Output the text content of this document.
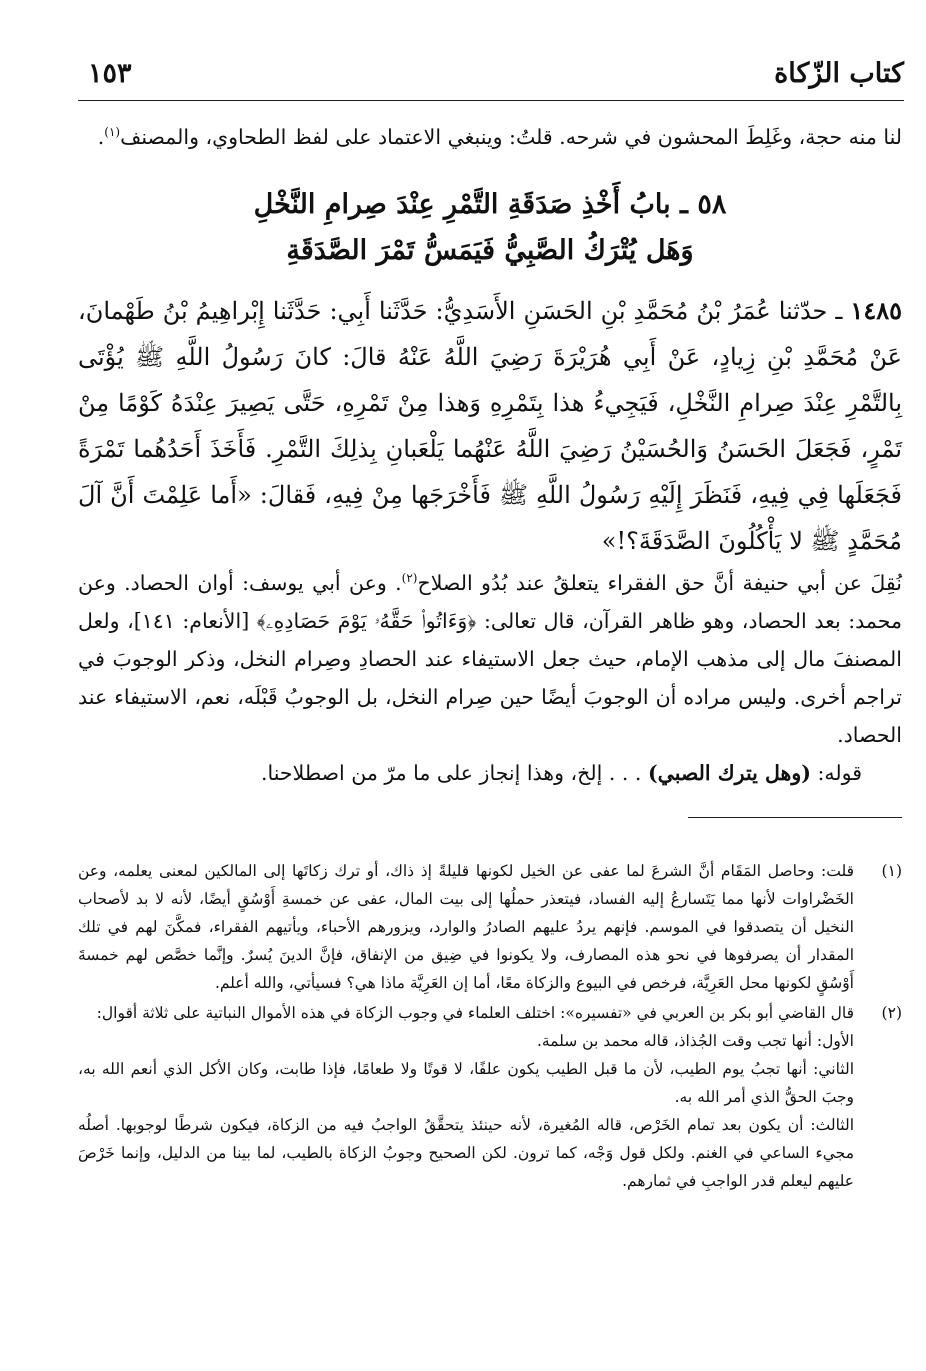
كتاب الزّكاة
١٥٣

لنا منه حجة، وغَلِطَ المحشون في شرحه. قلتُ: وينبغي الاعتماد على لفظ الطحاوي، والمصنف$^{(١)}$.

٥٨ ـ بابُ أَخْذِ صَدَقَةِ التَّمْرِ عِنْدَ صِرامِ النَّخْلِ
وَهَل يُتْرَكُ الصَّبِيُّ فَيَمَسُّ تَمْرَ الصَّدَقَةِ

١٤٨٥ ـ حدّثنا عُمَرُ بْنُ مُحَمَّدِ بْنِ الحَسَنِ الأَسَدِيُّ: حَدَّثَنا أَبِي: حَدَّثَنا إِبْراهِيمُ بْنُ طَهْمانَ، عَنْ مُحَمَّدِ بْنِ زِيادٍ، عَنْ أَبِي هُرَيْرَةَ رَضِيَ اللَّهُ عَنْهُ قالَ: كانَ رَسُولُ اللَّهِ ﷺ يُؤْتَى بِالتَّمْرِ عِنْدَ صِرامِ النَّخْلِ، فَيَجِيءُ هذا بِتَمْرِهِ وَهذا مِنْ تَمْرِهِ، حَتَّى يَصِيرَ عِنْدَهُ كَوْمًا مِنْ تَمْرٍ، فَجَعَلَ الحَسَنُ وَالحُسَيْنُ رَضِيَ اللَّهُ عَنْهُما يَلْعَبانِ بِذلِكَ التَّمْرِ. فَأَخَذَ أَحَدُهُما تَمْرَةً فَجَعَلَها فِي فِيهِ، فَنَظَرَ إِلَيْهِ رَسُولُ اللَّهِ ﷺ فَأَخْرَجَها مِنْ فِيهِ، فَقالَ: «أَما عَلِمْتَ أَنَّ آلَ مُحَمَّدٍ ﷺ لا يَأْكُلُونَ الصَّدَقَةَ؟!»

نُقِلَ عن أبي حنيفة أنَّ حق الفقراء يتعلقُ عند بُدُو الصلاح$^{(٢)}$. وعن أبي يوسف: أوان الحصاد. وعن محمد: بعد الحصاد، وهو ظاهر القرآن، قال تعالى: ﴿وَءَاتُوا۟ حَقَّهُۥ يَوْمَ حَصَادِهِۦ﴾ [الأنعام: ١٤١]، ولعل المصنفَ مال إلى مذهب الإمام، حيث جعل الاستيفاء عند الحصادِ وصِرام النخل، وذكر الوجوبَ في تراجم أخرى. وليس مراده أن الوجوبَ أيضًا حين صِرام النخل، بل الوجوبُ قَبْلَه، نعم، الاستيفاء عند الحصاد.

قوله: (وهل يترك الصبي) . . . إلخ، وهذا إنجاز على ما مرّ من اصطلاحنا.

(١)

قلت: وحاصل المَقَام أنَّ الشرعَ لما عفى عن الخيل لكونها قليلةً إذ ذاك، أو ترك زكاتَها إلى المالكين لمعنى يعلمه، وعن الخَضْراوات لأنها مما يَتَسارعُ إليه الفساد، فيتعذر حملُها إلى بيت المال، عفى عن خمسةِ أَوْسُقٍ أيضًا، لأنه لا بد لأصحاب النخيل أن يتصدقوا في الموسم. فإنهم يردُ عليهم الصادرُ والوارد، ويزورهم الأحباء، ويأتيهم الفقراء، فمكَّنَ لهم في تلك المقدار أن يصرفوها في نحو هذه المصارف، ولا يكونوا في ضِيق من الإنفاق، فإنَّ الدينَ يُسرٌ. وإنَّما خصَّص لهم خمسةَ أَوْسُقٍ لكونها محل العَرِيَّة، فرخص في البيوع والزكاة معًا، أما إن العَرِيَّة ماذا هي؟ فسيأتي، والله أعلم.

(٢)

قال القاضي أبو بكر بن العربي في «تفسيره»: اختلف العلماء في وجوب الزكاة في هذه الأموال النباتية على ثلاثة أقوال:

الأول: أنها تجب وقت الجُذاذ، قاله محمد بن سلمة.

الثاني: أنها تجبُ يوم الطيب، لأن ما قبل الطيب يكون علفًا، لا قوتًا ولا طعامًا، فإذا طابت، وكان الأكل الذي أنعم الله به، وجبَ الحقُّ الذي أمر الله به.

الثالث: أن يكون بعد تمام الخَرْص، قاله المُغيرة، لأنه حينئذ يتحقَّقُ الواجبُ فيه من الزكاة، فيكون شرطًا لوجوبها. أصلُه مجيء الساعي في الغنم. ولكل قول وَجْه، كما ترون. لكن الصحيح وجوبُ الزكاة بالطيب، لما بينا من الدليل، وإنما خَرْصَ عليهم ليعلم قدر الواجبِ في ثمارهم.
